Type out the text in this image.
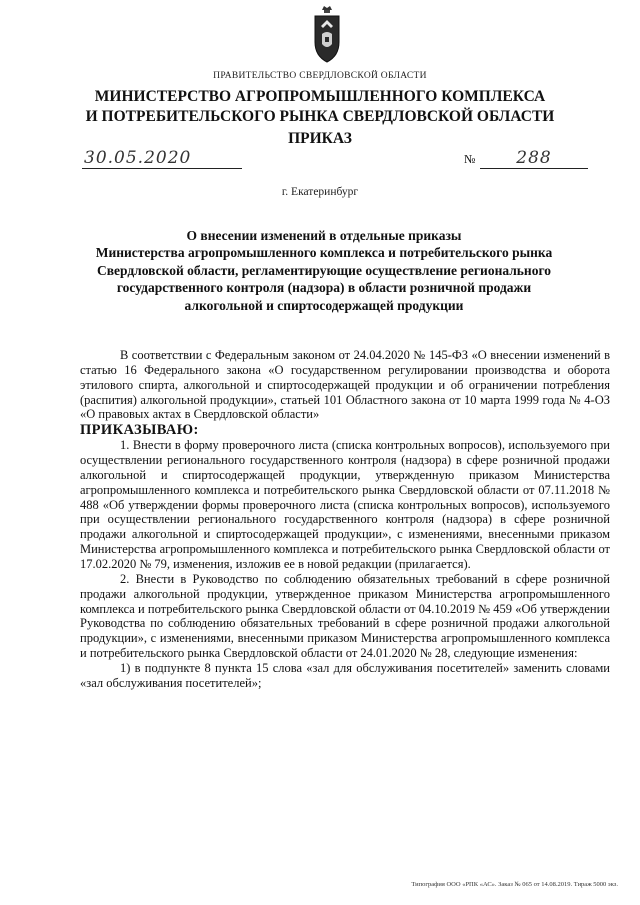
ПРАВИТЕЛЬСТВО СВЕРДЛОВСКОЙ ОБЛАСТИ
МИНИСТЕРСТВО АГРОПРОМЫШЛЕННОГО КОМПЛЕКСА
И ПОТРЕБИТЕЛЬСКОГО РЫНКА СВЕРДЛОВСКОЙ ОБЛАСТИ
ПРИКАЗ
30.05.2020	№	288
г. Екатеринбург
О внесении изменений в отдельные приказы
Министерства агропромышленного комплекса и потребительского рынка
Свердловской области, регламентирующие осуществление регионального
государственного контроля (надзора) в области розничной продажи
алкогольной и спиртосодержащей продукции

В соответствии с Федеральным законом от 24.04.2020 № 145-ФЗ «О внесении изменений в статью 16 Федерального закона «О государственном регулировании производства и оборота этилового спирта, алкогольной и спиртосодержащей продукции и об ограничении потребления (распития) алкогольной продукции», статьей 101 Областного закона от 10 марта 1999 года № 4-ОЗ «О правовых актах в Свердловской области»

ПРИКАЗЫВАЮ:

1. Внести в форму проверочного листа (списка контрольных вопросов), используемого при осуществлении регионального государственного контроля (надзора) в сфере розничной продажи алкогольной и спиртосодержащей продукции, утвержденную приказом Министерства агропромышленного комплекса и потребительского рынка Свердловской области от 07.11.2018 № 488 «Об утверждении формы проверочного листа (списка контрольных вопросов), используемого при осуществлении регионального государственного контроля (надзора) в сфере розничной продажи алкогольной и спиртосодержащей продукции», с изменениями, внесенными приказом Министерства агропромышленного комплекса и потребительского рынка Свердловской области от 17.02.2020 № 79, изменения, изложив ее в новой редакции (прилагается).

2. Внести в Руководство по соблюдению обязательных требований в сфере розничной продажи алкогольной продукции, утвержденное приказом Министерства агропромышленного комплекса и потребительского рынка Свердловской области от 04.10.2019 № 459 «Об утверждении Руководства по соблюдению обязательных требований в сфере розничной продажи алкогольной продукции», с изменениями, внесенными приказом Министерства агропромышленного комплекса и потребительского рынка Свердловской области от 24.01.2020 № 28, следующие изменения:

1) в подпункте 8 пункта 15 слова «зал для обслуживания посетителей» заменить словами «зал обслуживания посетителей»;

Типография ООО «РПК «АС». Заказ № 065 от 14.08.2019. Тираж 5000 экз.
